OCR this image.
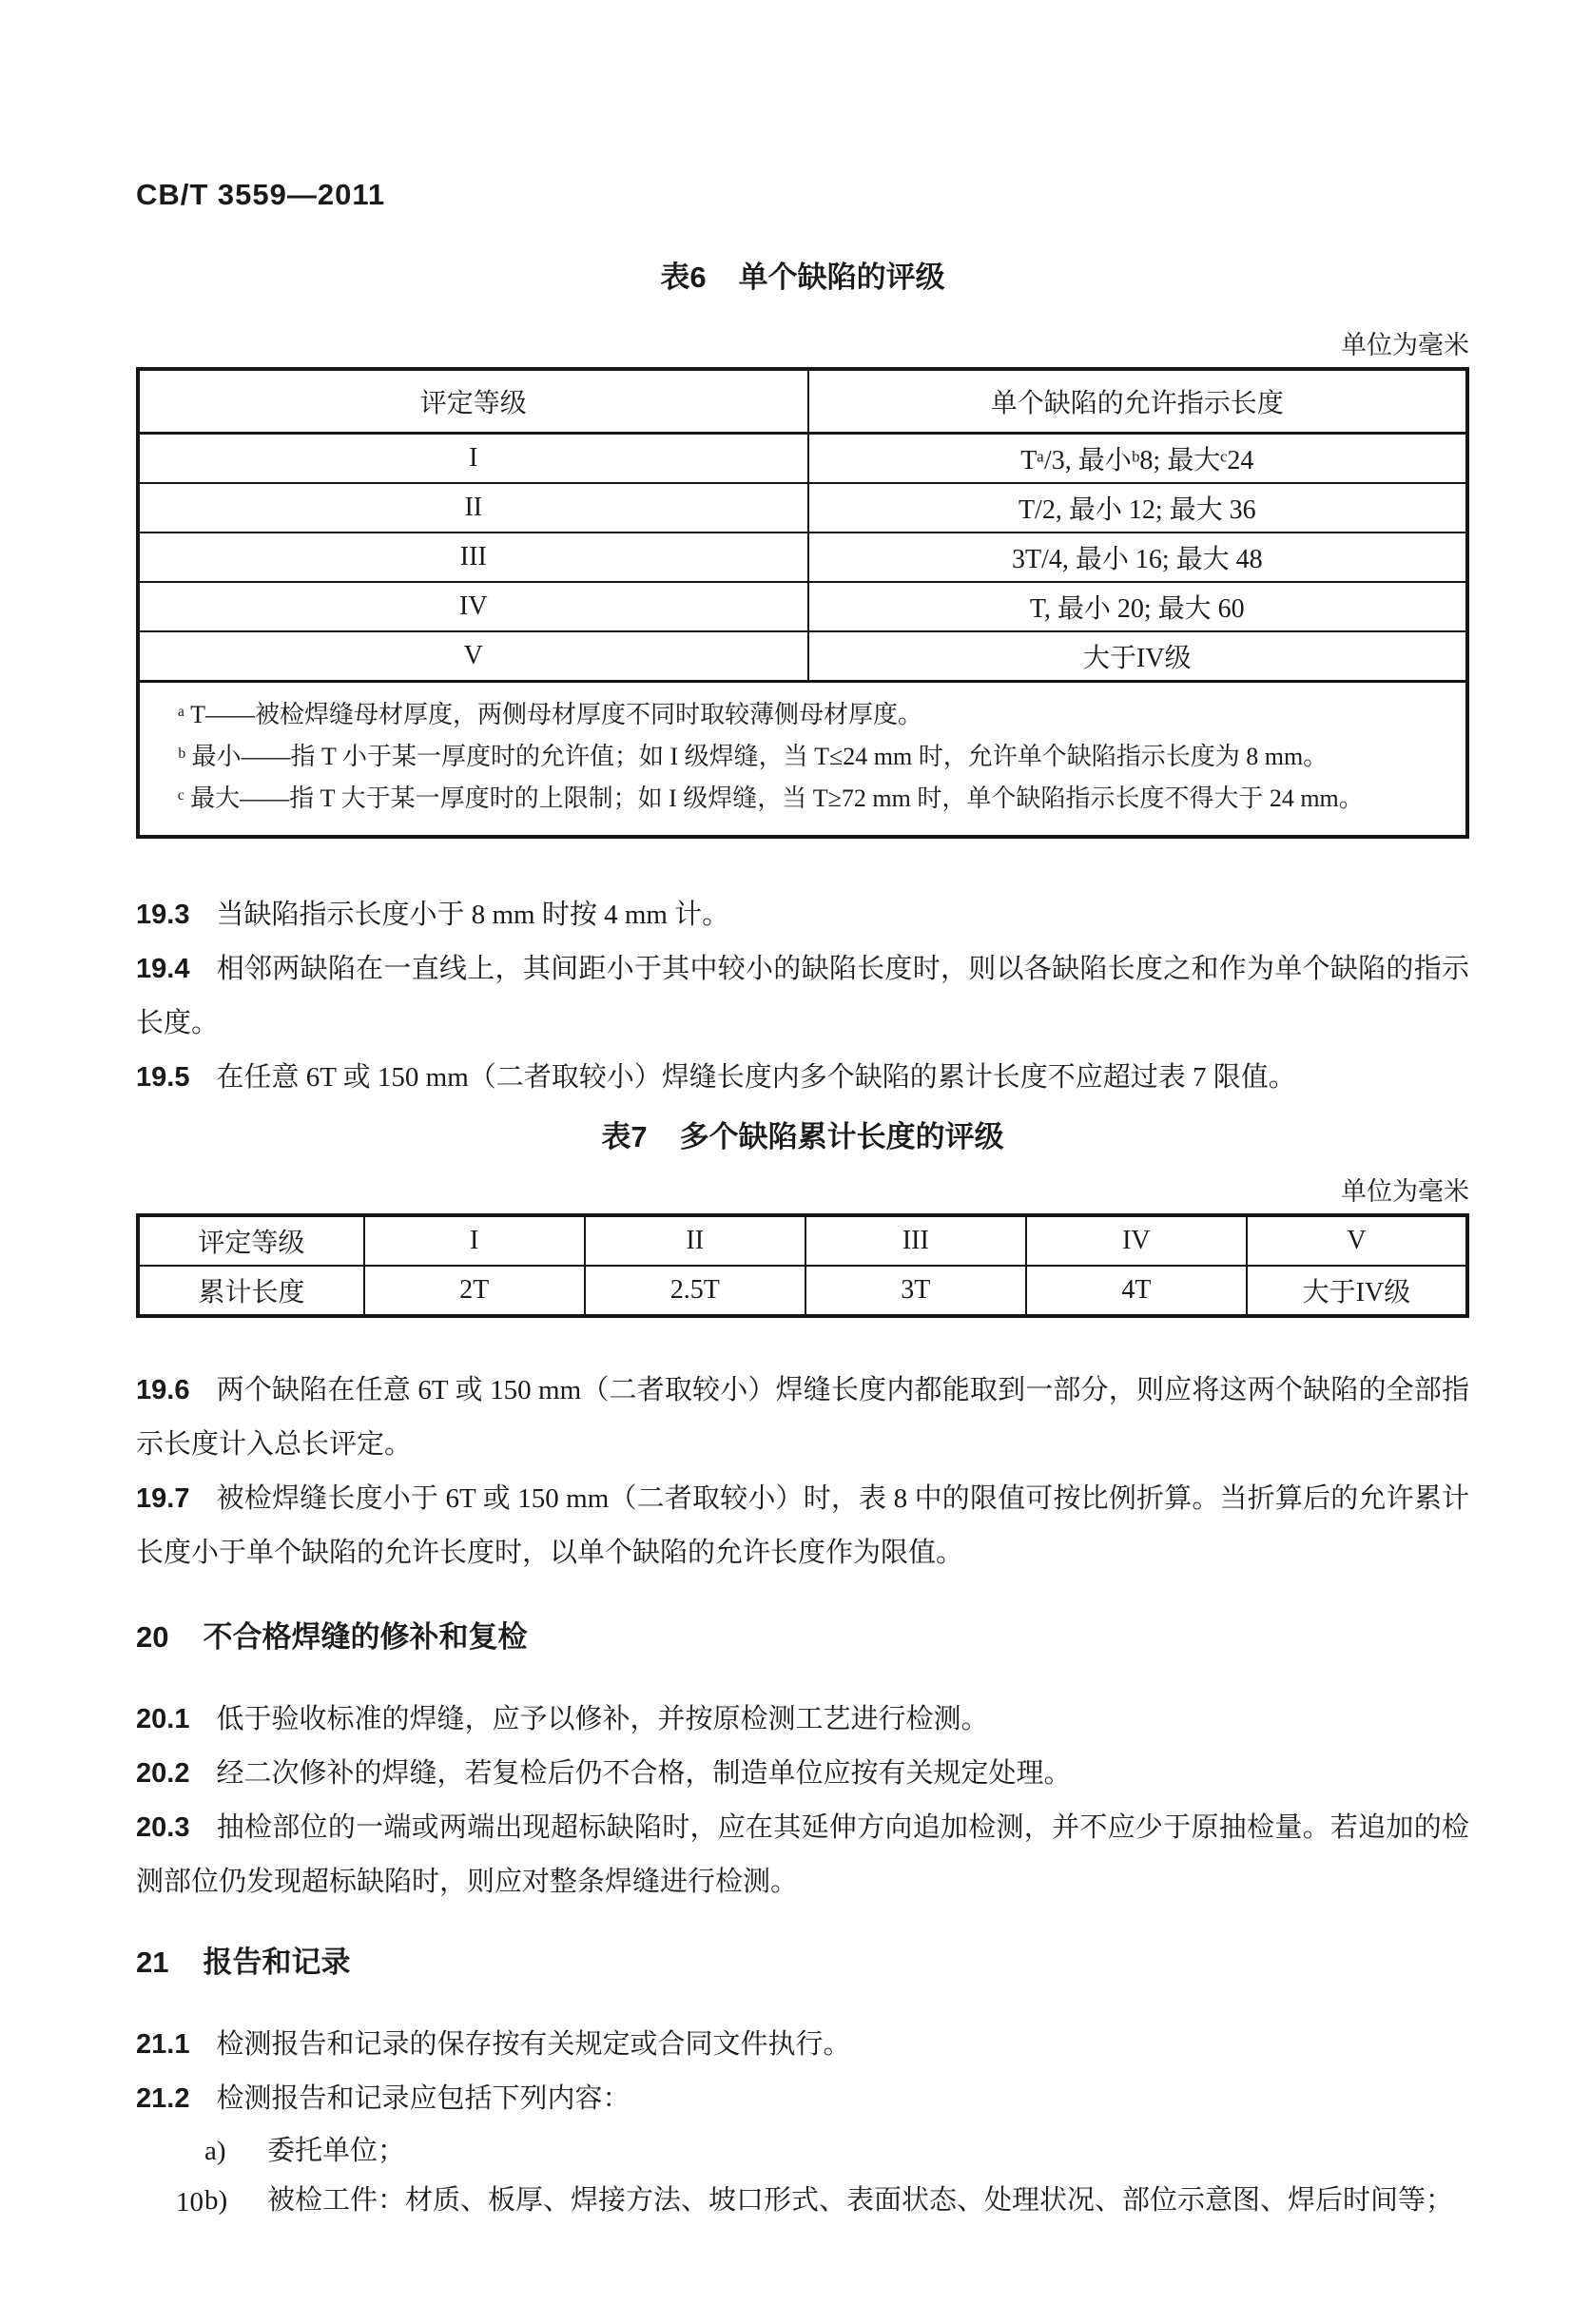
CB/T 3559—2011
表6 单个缺陷的评级
单位为毫米
评定等级	单个缺陷的允许指示长度
I	Tᵃ/3, 最小ᵇ8; 最大ᶜ24
II	T/2, 最小 12; 最大 36
III	3T/4, 最小 16; 最大 48
IV	T, 最小 20; 最大 60
V	大于IV级

ᵃ T——被检焊缝母材厚度，两侧母材厚度不同时取较薄侧母材厚度。
ᵇ 最小——指 T 小于某一厚度时的允许值；如 I 级焊缝，当 T≤24 mm 时，允许单个缺陷指示长度为 8 mm。
ᶜ 最大——指 T 大于某一厚度时的上限制；如 I 级焊缝，当 T≥72 mm 时，单个缺陷指示长度不得大于 24 mm。	

19.3 当缺陷指示长度小于 8 mm 时按 4 mm 计。

19.4 相邻两缺陷在一直线上，其间距小于其中较小的缺陷长度时，则以各缺陷长度之和作为单个缺陷的指示长度。

19.5 在任意 6T 或 150 mm（二者取较小）焊缝长度内多个缺陷的累计长度不应超过表 7 限值。

表7 多个缺陷累计长度的评级
单位为毫米
评定等级	I	II	III	IV	V
累计长度	2T	2.5T	3T	4T	大于IV级

19.6 两个缺陷在任意 6T 或 150 mm（二者取较小）焊缝长度内都能取到一部分，则应将这两个缺陷的全部指示长度计入总长评定。

19.7 被检焊缝长度小于 6T 或 150 mm（二者取较小）时，表 8 中的限值可按比例折算。当折算后的允许累计长度小于单个缺陷的允许长度时，以单个缺陷的允许长度作为限值。

20 不合格焊缝的修补和复检

20.1 低于验收标准的焊缝，应予以修补，并按原检测工艺进行检测。

20.2 经二次修补的焊缝，若复检后仍不合格，制造单位应按有关规定处理。

20.3 抽检部位的一端或两端出现超标缺陷时，应在其延伸方向追加检测，并不应少于原抽检量。若追加的检测部位仍发现超标缺陷时，则应对整条焊缝进行检测。

21 报告和记录

21.1 检测报告和记录的保存按有关规定或合同文件执行。

21.2 检测报告和记录应包括下列内容：

a)	委托单位；
b)	被检工件：材质、板厚、焊接方法、坡口形式、表面状态、处理状况、部位示意图、焊后时间等；
10
